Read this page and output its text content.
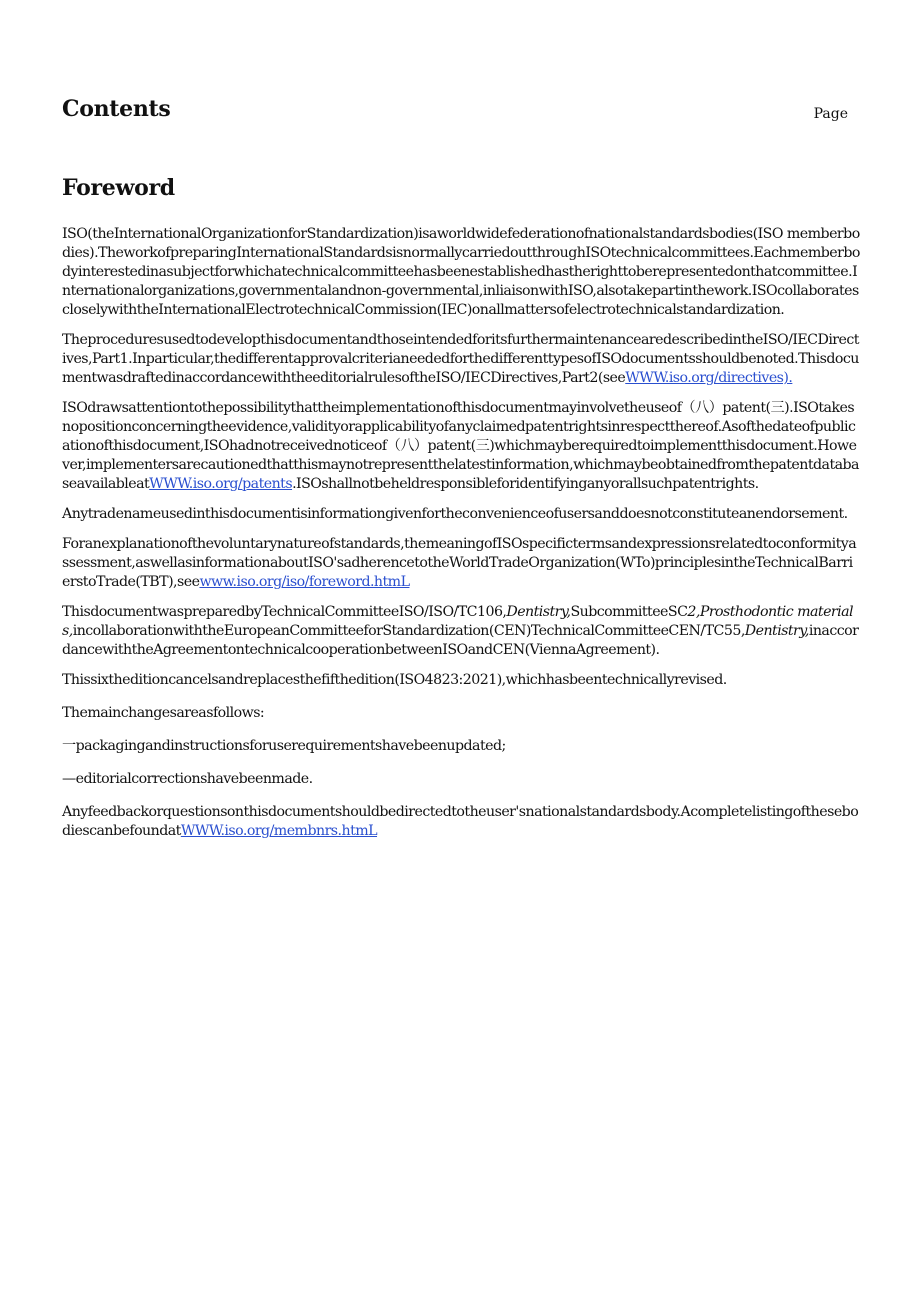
Contents	Page
Foreword

ISO(theInternationalOrganizationforStandardization)isaworldwidefederationofnationalstandardsbodies(ISO memberbodies).TheworkofpreparingInternationalStandardsisnormallycarriedoutthroughISOtechnicalcommittees.Eachmemberbodyinterestedinasubjectforwhichatechnicalcommitteehasbeenestablishedhastherighttoberepresentedonthatcommittee.Internationalorganizations,governmentalandnon-governmental,inliaisonwithISO,alsotakepartinthework.ISOcollaboratescloselywiththeInternationalElectrotechnicalCommission(IEC)onallmattersofelectrotechnicalstandardization.

TheproceduresusedtodevelopthisdocumentandthoseintendedforitsfurthermaintenancearedescribedintheISO/IECDirectives,Part1.Inparticular,thedifferentapprovalcriterianeededforthedifferenttypesofISOdocumentsshouldbenoted.ThisdocumentwasdraftedinaccordancewiththeeditorialrulesoftheISO/IECDirectives,Part2(seeWWW.iso.org/directives).

ISOdrawsattentiontothepossibilitythattheimplementationofthisdocumentmayinvolvetheuseof（八）patent(三).ISOtakesnopositionconcerningtheevidence,validityorapplicabilityofanyclaimedpatentrightsinrespectthereof.Asofthedateofpublicationofthisdocument,ISOhadnotreceivednoticeof（八）patent(三)whichmayberequiredtoimplementthisdocument.However,implementersarecautionedthatthismaynotrepresentthelatestinformation,whichmaybeobtainedfromthepatentdatabaseavailableatWWW.iso.org/patents.ISOshallnotbeheldresponsibleforidentifyinganyorallsuchpatentrights.

Anytradenameusedinthisdocumentisinformationgivenfortheconvenienceofusersanddoesnotconstituteanendorsement.

Foranexplanationofthevoluntarynatureofstandards,themeaningofISOspecifictermsandexpressionsrelatedtoconformityassessment,aswellasinformationaboutISO'sadherencetotheWorldTradeOrganization(WTo)principlesintheTechnicalBarrierstoTrade(TBT),seewww.iso.org/iso/foreword.htmL

ThisdocumentwaspreparedbyTechnicalCommitteeISO/ISO/TC106,Dentistry,SubcommitteeSC2,Prosthodontic materials,incollaborationwiththeEuropeanCommitteeforStandardization(CEN)TechnicalCommitteeCEN/TC55,Dentistry,inaccordancewiththeAgreementontechnicalcooperationbetweenISOandCEN(ViennaAgreement).

Thissixtheditioncancelsandreplacesthefifthedition(ISO4823:2021),whichhasbeentechnicallyrevised.

Themainchangesareasfollows:

一packagingandinstructionsforuserequirementshavebeenupdated;

—editorialcorrectionshavebeenmade.

Anyfeedbackorquestionsonthisdocumentshouldbedirectedtotheuser'snationalstandardsbody.AcompletelistingofthesebodiescanbefoundatWWW.iso.org/membnrs.htmL
